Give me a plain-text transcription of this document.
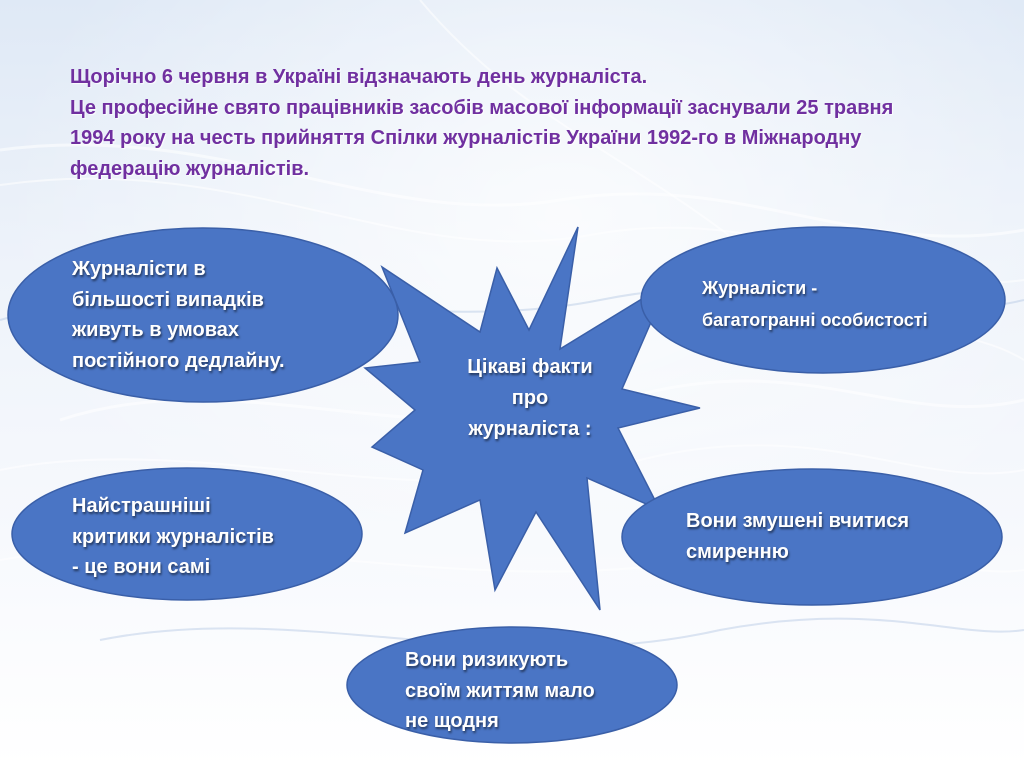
Щорічно 6 червня в Україні відзначають день журналіста.
Це професійне свято працівників засобів масової інформації заснували 25 травня
1994 року на честь прийняття Спілки журналістів України 1992-го в Міжнародну
федерацію журналістів.
Цікаві факти
про
журналіста :
Журналісти в
більшості випадків
живуть в умовах
постійного дедлайну.
Журналісти -
багатогранні особистості
Найстрашніші
критики журналістів
- це вони самі
Вони змушені вчитися
смиренню
Вони ризикують
своїм життям мало
не щодня
